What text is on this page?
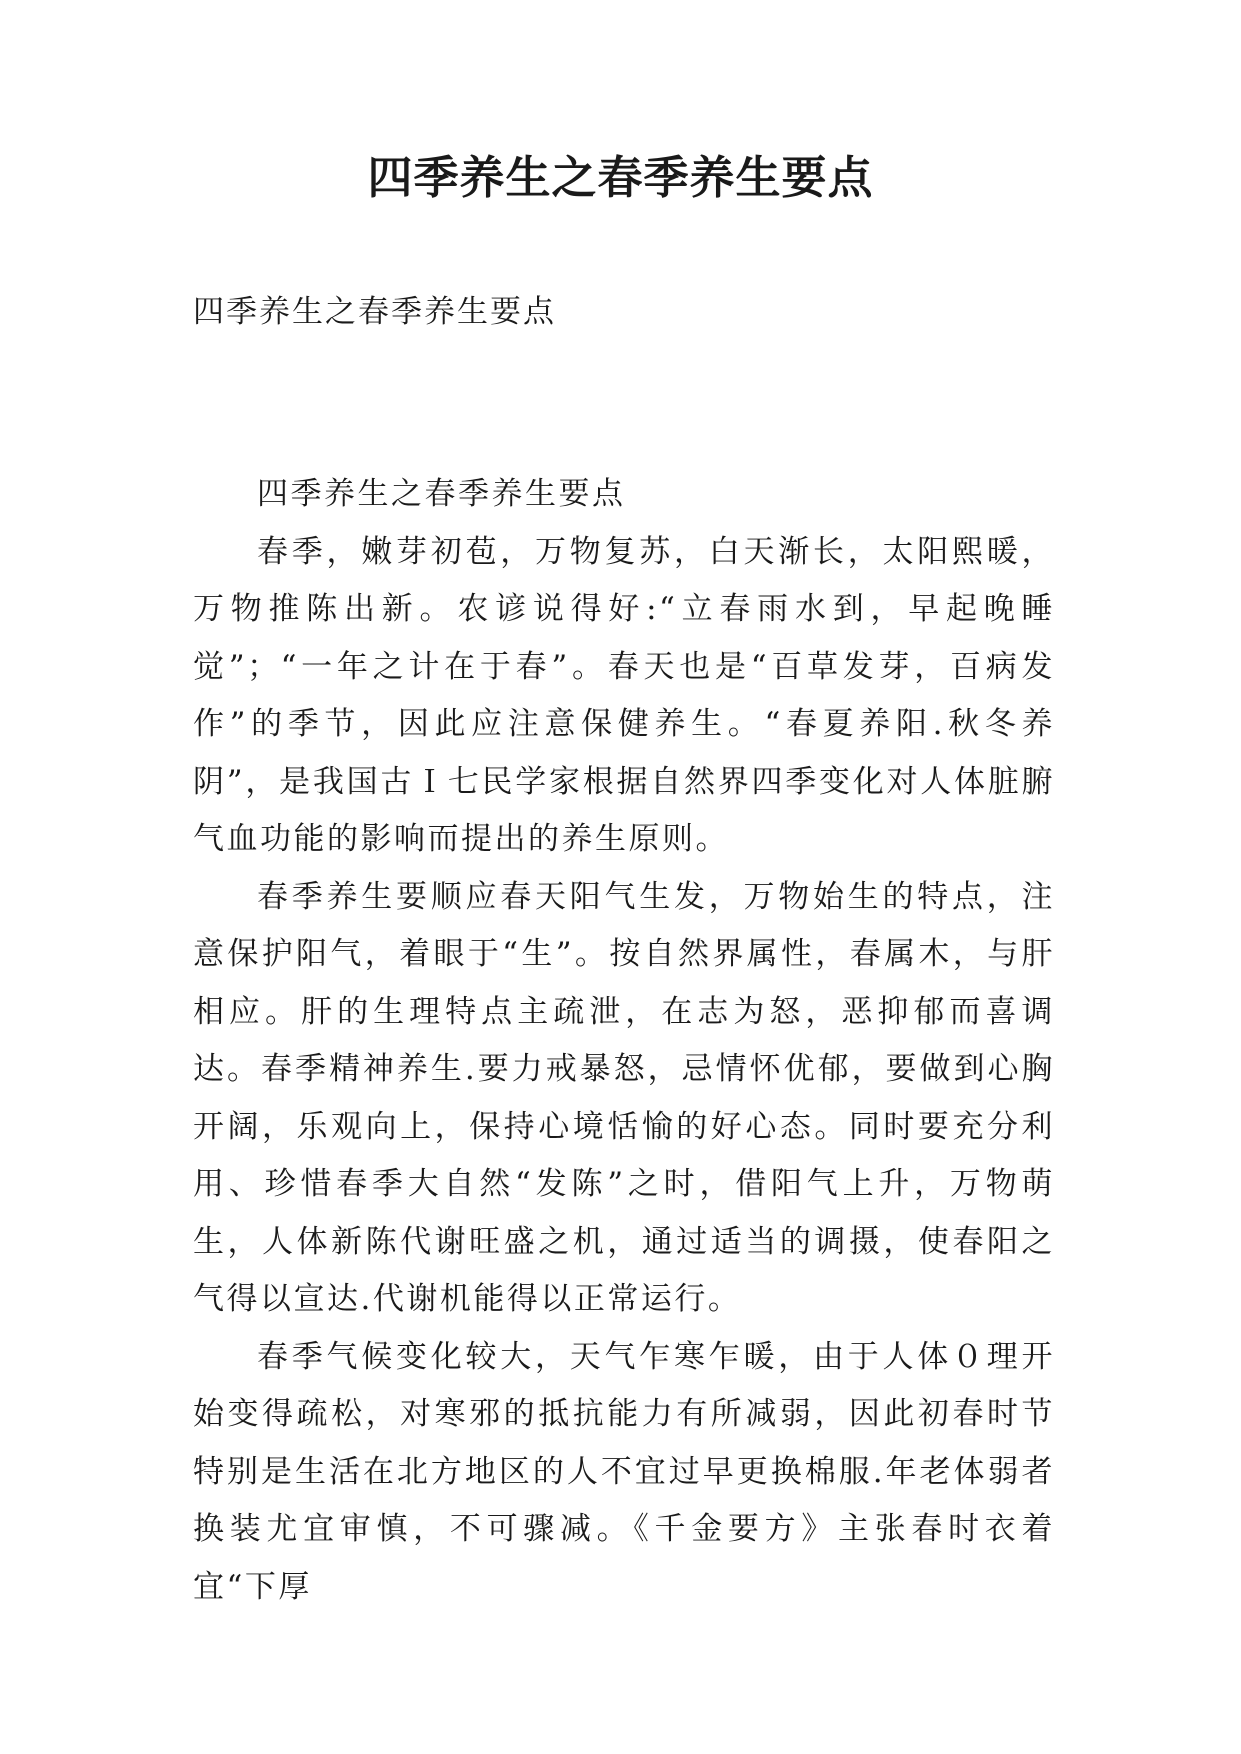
四季养生之春季养生要点

四季养生之春季养生要点

四季养生之春季养生要点

春季，嫩芽初苞，万物复苏，白天渐长，太阳熙暖，万物推陈出新。农谚说得好:“立春雨水到，早起晚睡觉”；“一年之计在于春”。春天也是“百草发芽，百病发作”的季节，因此应注意保健养生。“春夏养阳.秋冬养阴”，是我国古Ｉ七民学家根据自然界四季变化对人体脏腑气血功能的影响而提出的养生原则。

春季养生要顺应春天阳气生发，万物始生的特点，注意保护阳气，着眼于“生”。按自然界属性，春属木，与肝相应。肝的生理特点主疏泄，在志为怒，恶抑郁而喜调达。春季精神养生.要力戒暴怒，忌情怀优郁，要做到心胸开阔，乐观向上，保持心境恬愉的好心态。同时要充分利用、珍惜春季大自然“发陈”之时，借阳气上升，万物萌生，人体新陈代谢旺盛之机，通过适当的调摄，使春阳之气得以宣达.代谢机能得以正常运行。

春季气候变化较大，天气乍寒乍暖，由于人体０理开始变得疏松，对寒邪的抵抗能力有所减弱，因此初春时节特别是生活在北方地区的人不宜过早更换棉服.年老体弱者换装尤宜审慎，不可骤减。《千金要方》主张春时衣着宜“下厚
